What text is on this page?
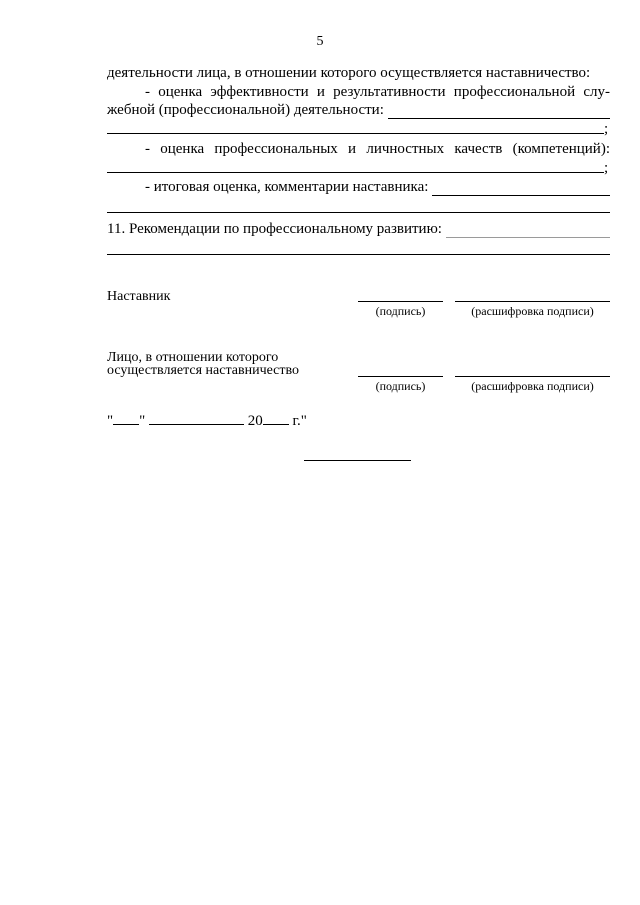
5
деятельности лица, в отношении которого осуществляется наставничество:
- оценка эффективности и результативности профессиональной слу-
жебной (профессиональной) деятельности:
;
- оценка профессиональных и личностных качеств (компетенций):
;
- итоговая оценка, комментарии наставника:
11. Рекомендации по профессиональному развитию:
Наставник
(подпись)	(расшифровка подписи)
Лицо, в отношении которого
осуществляется наставничество
(подпись)	(расшифровка подписи)
" "	20 г."
